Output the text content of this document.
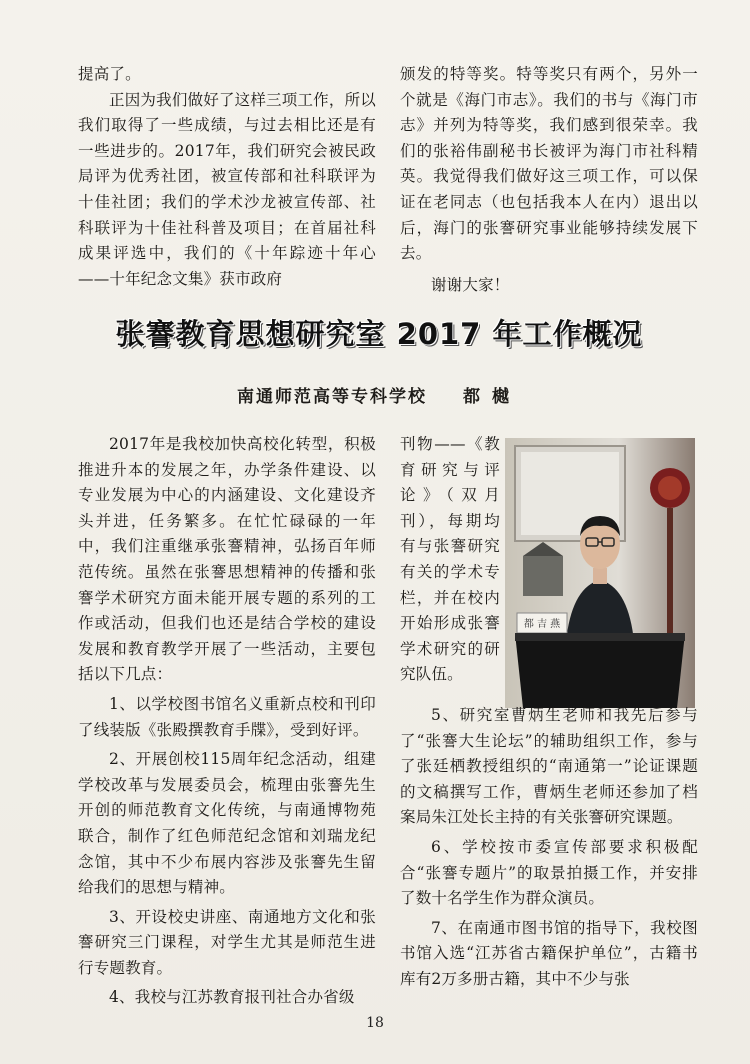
提高了。

正因为我们做好了这样三项工作，所以我们取得了一些成绩，与过去相比还是有一些进步的。2017年，我们研究会被民政局评为优秀社团，被宣传部和社科联评为十佳社团；我们的学术沙龙被宣传部、社科联评为十佳社科普及项目；在首届社科成果评选中，我们的《十年踪迹十年心——十年纪念文集》获市政府

颁发的特等奖。特等奖只有两个，另外一个就是《海门市志》。我们的书与《海门市志》并列为特等奖，我们感到很荣幸。我们的张裕伟副秘书长被评为海门市社科精英。我觉得我们做好这三项工作，可以保证在老同志（也包括我本人在内）退出以后，海门的张謇研究事业能够持续发展下去。

谢谢大家！

张謇教育思想研究室 2017 年工作概况
南通师范高等专科学校 都樾

2017年是我校加快高校化转型，积极推进升本的发展之年，办学条件建设、以专业发展为中心的内涵建设、文化建设齐头并进，任务繁多。在忙忙碌碌的一年中，我们注重继承张謇精神，弘扬百年师范传统。虽然在张謇思想精神的传播和张謇学术研究方面未能开展专题的系列的工作或活动，但我们也还是结合学校的建设发展和教育教学开展了一些活动，主要包括以下几点：

1、以学校图书馆名义重新点校和刊印了线装版《张殿撰教育手牒》，受到好评。

2、开展创校115周年纪念活动，组建学校改革与发展委员会，梳理由张謇先生开创的师范教育文化传统，与南通博物苑联合，制作了红色师范纪念馆和刘瑞龙纪念馆，其中不少布展内容涉及张謇先生留给我们的思想与精神。

3、开设校史讲座、南通地方文化和张謇研究三门课程，对学生尤其是师范生进行专题教育。

4、我校与江苏教育报刊社合办省级

刊物——《教育研究与评论》（双月刊），每期均有与张謇研究有关的学术专栏，并在校内开始形成张謇学术研究的研究队伍。

都 吉 燕

5、研究室曹炳生老师和我先后参与了“张謇大生论坛”的辅助组织工作，参与了张廷栖教授组织的“南通第一”论证课题的文稿撰写工作，曹炳生老师还参加了档案局朱江处长主持的有关张謇研究课题。

6、学校按市委宣传部要求积极配合“张謇专题片”的取景拍摄工作，并安排了数十名学生作为群众演员。

7、在南通市图书馆的指导下，我校图书馆入选“江苏省古籍保护单位”，古籍书库有2万多册古籍，其中不少与张

18
